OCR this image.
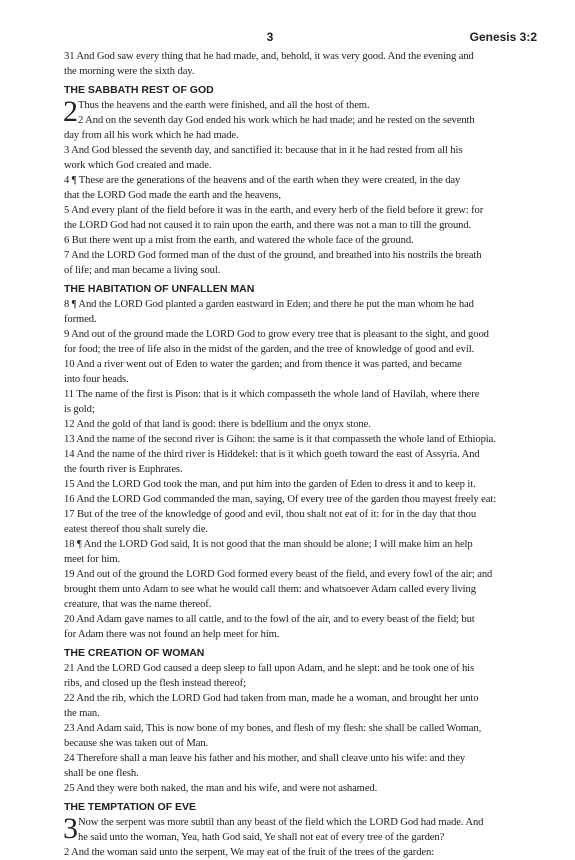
3	Genesis 3:2
31 And God saw every thing that he had made, and, behold, it was very good. And the evening and
the morning were the sixth day.
THE SABBATH REST OF GOD
2 Thus the heavens and the earth were finished, and all the host of them.
2 And on the seventh day God ended his work which he had made; and he rested on the seventh
day from all his work which he had made.
3 And God blessed the seventh day, and sanctified it: because that in it he had rested from all his
work which God created and made.
4 ¶ These are the generations of the heavens and of the earth when they were created, in the day
that the LORD God made the earth and the heavens,
5 And every plant of the field before it was in the earth, and every herb of the field before it grew: for
the LORD God had not caused it to rain upon the earth, and there was not a man to till the ground.
6 But there went up a mist from the earth, and watered the whole face of the ground.
7 And the LORD God formed man of the dust of the ground, and breathed into his nostrils the breath
of life; and man became a living soul.
THE HABITATION OF UNFALLEN MAN
8 ¶ And the LORD God planted a garden eastward in Eden; and there he put the man whom he had
formed.
9 And out of the ground made the LORD God to grow every tree that is pleasant to the sight, and good
for food; the tree of life also in the midst of the garden, and the tree of knowledge of good and evil.
10 And a river went out of Eden to water the garden; and from thence it was parted, and became
into four heads.
11 The name of the first is Pison: that is it which compasseth the whole land of Havilah, where there
is gold;
12 And the gold of that land is good: there is bdellium and the onyx stone.
13 And the name of the second river is Gihon: the same is it that compasseth the whole land of Ethiopia.
14 And the name of the third river is Hiddekel: that is it which goeth toward the east of Assyria. And
the fourth river is Euphrates.
15 And the LORD God took the man, and put him into the garden of Eden to dress it and to keep it.
16 And the LORD God commanded the man, saying, Of every tree of the garden thou mayest freely eat:
17 But of the tree of the knowledge of good and evil, thou shalt not eat of it: for in the day that thou
eatest thereof thou shalt surely die.
18 ¶ And the LORD God said, It is not good that the man should be alone; I will make him an help
meet for him.
19 And out of the ground the LORD God formed every beast of the field, and every fowl of the air; and
brought them unto Adam to see what he would call them: and whatsoever Adam called every living
creature, that was the name thereof.
20 And Adam gave names to all cattle, and to the fowl of the air, and to every beast of the field; but
for Adam there was not found an help meet for him.
THE CREATION OF WOMAN
21 And the LORD God caused a deep sleep to fall upon Adam, and he slept: and he took one of his
ribs, and closed up the flesh instead thereof;
22 And the rib, which the LORD God had taken from man, made he a woman, and brought her unto
the man.
23 And Adam said, This is now bone of my bones, and flesh of my flesh: she shall be called Woman,
because she was taken out of Man.
24 Therefore shall a man leave his father and his mother, and shall cleave unto his wife: and they
shall be one flesh.
25 And they were both naked, the man and his wife, and were not ashamed.
THE TEMPTATION OF EVE
3 Now the serpent was more subtil than any beast of the field which the LORD God had made. And
he said unto the woman, Yea, hath God said, Ye shall not eat of every tree of the garden?
2 And the woman said unto the serpent, We may eat of the fruit of the trees of the garden:
